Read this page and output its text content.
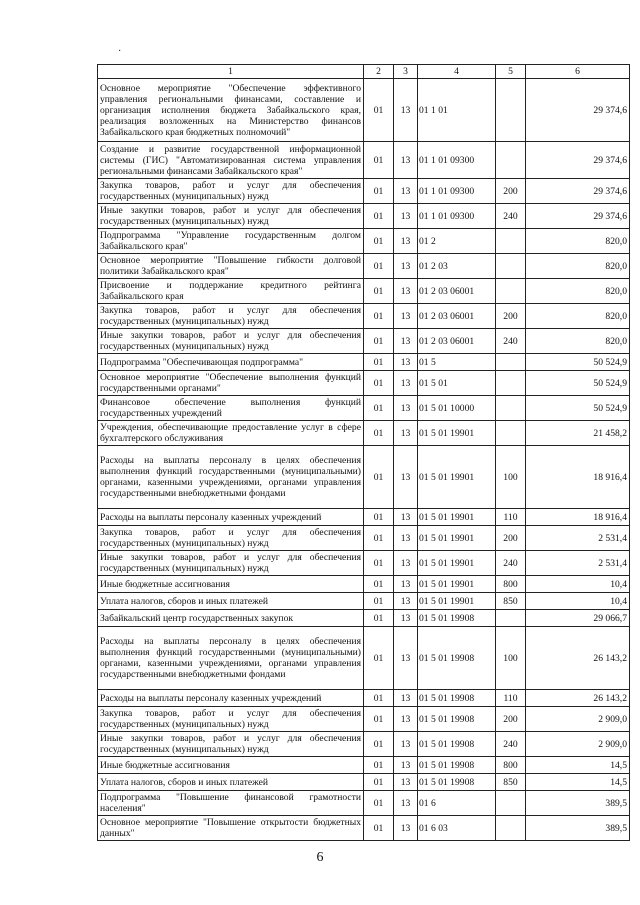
·
1	2	3	4	5	6
Основное мероприятие "Обеспечение эффективного управления региональными финансами, составление и организация исполнения бюджета Забайкальского края, реализация возложенных на Министерство финансов Забайкальского края бюджетных полномочий"	01	13	01 1 01		29 374,6
Создание и развитие государственной информационной системы (ГИС) "Автоматизированная система управления региональными финансами Забайкальского края"	01	13	01 1 01 09300		29 374,6
Закупка товаров, работ и услуг для обеспечения государственных (муниципальных) нужд	01	13	01 1 01 09300	200	29 374,6
Иные закупки товаров, работ и услуг для обеспечения государственных (муниципальных) нужд	01	13	01 1 01 09300	240	29 374,6
Подпрограмма "Управление государственным долгом Забайкальского края"	01	13	01 2		820,0
Основное мероприятие "Повышение гибкости долговой политики Забайкальского края"	01	13	01 2 03		820,0
Присвоение и поддержание кредитного рейтинга Забайкальского края	01	13	01 2 03 06001		820,0
Закупка товаров, работ и услуг для обеспечения государственных (муниципальных) нужд	01	13	01 2 03 06001	200	820,0
Иные закупки товаров, работ и услуг для обеспечения государственных (муниципальных) нужд	01	13	01 2 03 06001	240	820,0
Подпрограмма "Обеспечивающая подпрограмма"	01	13	01 5		50 524,9
Основное мероприятие "Обеспечение выполнения функций государственными органами"	01	13	01 5 01		50 524,9
Финансовое обеспечение выполнения функций государственных учреждений	01	13	01 5 01 10000		50 524,9
Учреждения, обеспечивающие предоставление услуг в сфере бухгалтерского обслуживания	01	13	01 5 01 19901		21 458,2
Расходы на выплаты персоналу в целях обеспечения выполнения функций государственными (муниципальными) органами, казенными учреждениями, органами управления государственными внебюджетными фондами	01	13	01 5 01 19901	100	18 916,4
Расходы на выплаты персоналу казенных учреждений	01	13	01 5 01 19901	110	18 916,4
Закупка товаров, работ и услуг для обеспечения государственных (муниципальных) нужд	01	13	01 5 01 19901	200	2 531,4
Иные закупки товаров, работ и услуг для обеспечения государственных (муниципальных) нужд	01	13	01 5 01 19901	240	2 531,4
Иные бюджетные ассигнования	01	13	01 5 01 19901	800	10,4
Уплата налогов, сборов и иных платежей	01	13	01 5 01 19901	850	10,4
Забайкальский центр государственных закупок	01	13	01 5 01 19908		29 066,7
Расходы на выплаты персоналу в целях обеспечения выполнения функций государственными (муниципальными) органами, казенными учреждениями, органами управления государственными внебюджетными фондами	01	13	01 5 01 19908	100	26 143,2
Расходы на выплаты персоналу казенных учреждений	01	13	01 5 01 19908	110	26 143,2
Закупка товаров, работ и услуг для обеспечения государственных (муниципальных) нужд	01	13	01 5 01 19908	200	2 909,0
Иные закупки товаров, работ и услуг для обеспечения государственных (муниципальных) нужд	01	13	01 5 01 19908	240	2 909,0
Иные бюджетные ассигнования	01	13	01 5 01 19908	800	14,5
Уплата налогов, сборов и иных платежей	01	13	01 5 01 19908	850	14,5
Подпрограмма "Повышение финансовой грамотности населения"	01	13	01 6		389,5
Основное мероприятие "Повышение открытости бюджетных данных"	01	13	01 6 03		389,5
6
